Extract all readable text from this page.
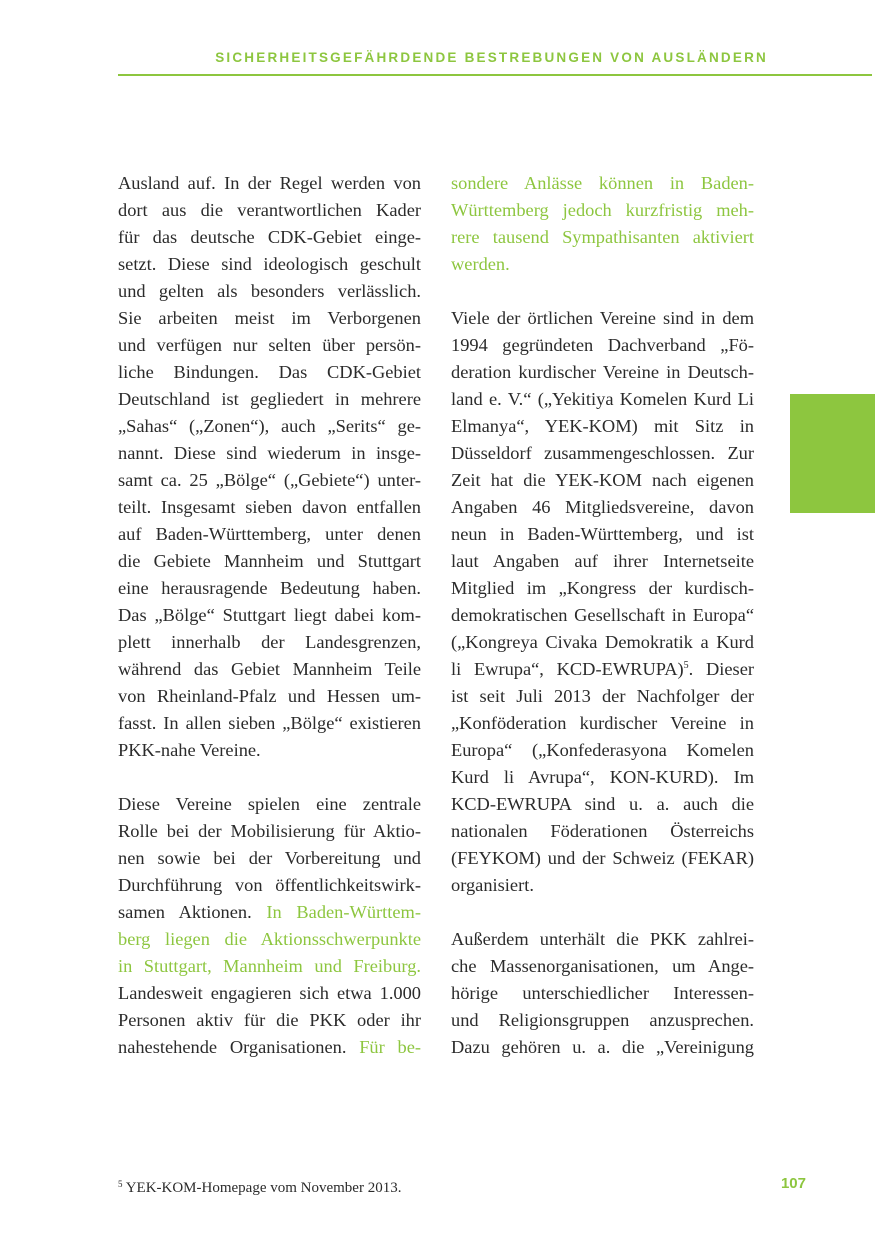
SICHERHEITSGEFÄHRDENDE BESTREBUNGEN VON AUSLÄNDERN

Ausland auf. In der Regel werden von
dort aus die verantwortlichen Kader
für das deutsche CDK-Gebiet einge-
setzt. Diese sind ideologisch geschult
und gelten als besonders verlässlich.
Sie arbeiten meist im Verborgenen
und verfügen nur selten über persön-
liche Bindungen. Das CDK-Gebiet
Deutschland ist gegliedert in mehrere
„Sahas“ („Zonen“), auch „Serits“ ge-
nannt. Diese sind wiederum in insge-
samt ca. 25 „Bölge“ („Gebiete“) unter-
teilt. Insgesamt sieben davon entfallen
auf Baden-Württemberg, unter denen
die Gebiete Mannheim und Stuttgart
eine herausragende Bedeutung haben.
Das „Bölge“ Stuttgart liegt dabei kom-
plett innerhalb der Landesgrenzen,
während das Gebiet Mannheim Teile
von Rheinland-Pfalz und Hessen um-
fasst. In allen sieben „Bölge“ existieren
PKK-nahe Vereine.

Diese Vereine spielen eine zentrale
Rolle bei der Mobilisierung für Aktio-
nen sowie bei der Vorbereitung und
Durchführung von öffentlichkeitswirk-
samen Aktionen. In Baden-Württem-
berg liegen die Aktionsschwerpunkte
in Stuttgart, Mannheim und Freiburg.
Landesweit engagieren sich etwa 1.000
Personen aktiv für die PKK oder ihr
nahestehende Organisationen. Für be-

sondere Anlässe können in Baden-
Württemberg jedoch kurzfristig meh-
rere tausend Sympathisanten aktiviert
werden.

Viele der örtlichen Vereine sind in dem
1994 gegründeten Dachverband „Fö-
deration kurdischer Vereine in Deutsch-
land e. V.“ („Yekitiya Komelen Kurd Li
Elmanya“, YEK-KOM) mit Sitz in
Düsseldorf zusammengeschlossen. Zur
Zeit hat die YEK-KOM nach eigenen
Angaben 46 Mitgliedsvereine, davon
neun in Baden-Württemberg, und ist
laut Angaben auf ihrer Internetseite
Mitglied im „Kongress der kurdisch-
demokratischen Gesellschaft in Europa“
(„Kongreya Civaka Demokratik a Kurd
li Ewrupa“, KCD-EWRUPA)$^5$. Dieser
ist seit Juli 2013 der Nachfolger der
„Konföderation kurdischer Vereine in
Europa“ („Konfederasyona Komelen
Kurd li Avrupa“, KON-KURD). Im
KCD-EWRUPA sind u. a. auch die
nationalen Föderationen Österreichs
(FEYKOM) und der Schweiz (FEKAR)
organisiert.

Außerdem unterhält die PKK zahlrei-
che Massenorganisationen, um Ange-
hörige unterschiedlicher Interessen-
und Religionsgruppen anzusprechen.
Dazu gehören u. a. die „Vereinigung

$^5$ YEK-KOM-Homepage vom November 2013.	107
